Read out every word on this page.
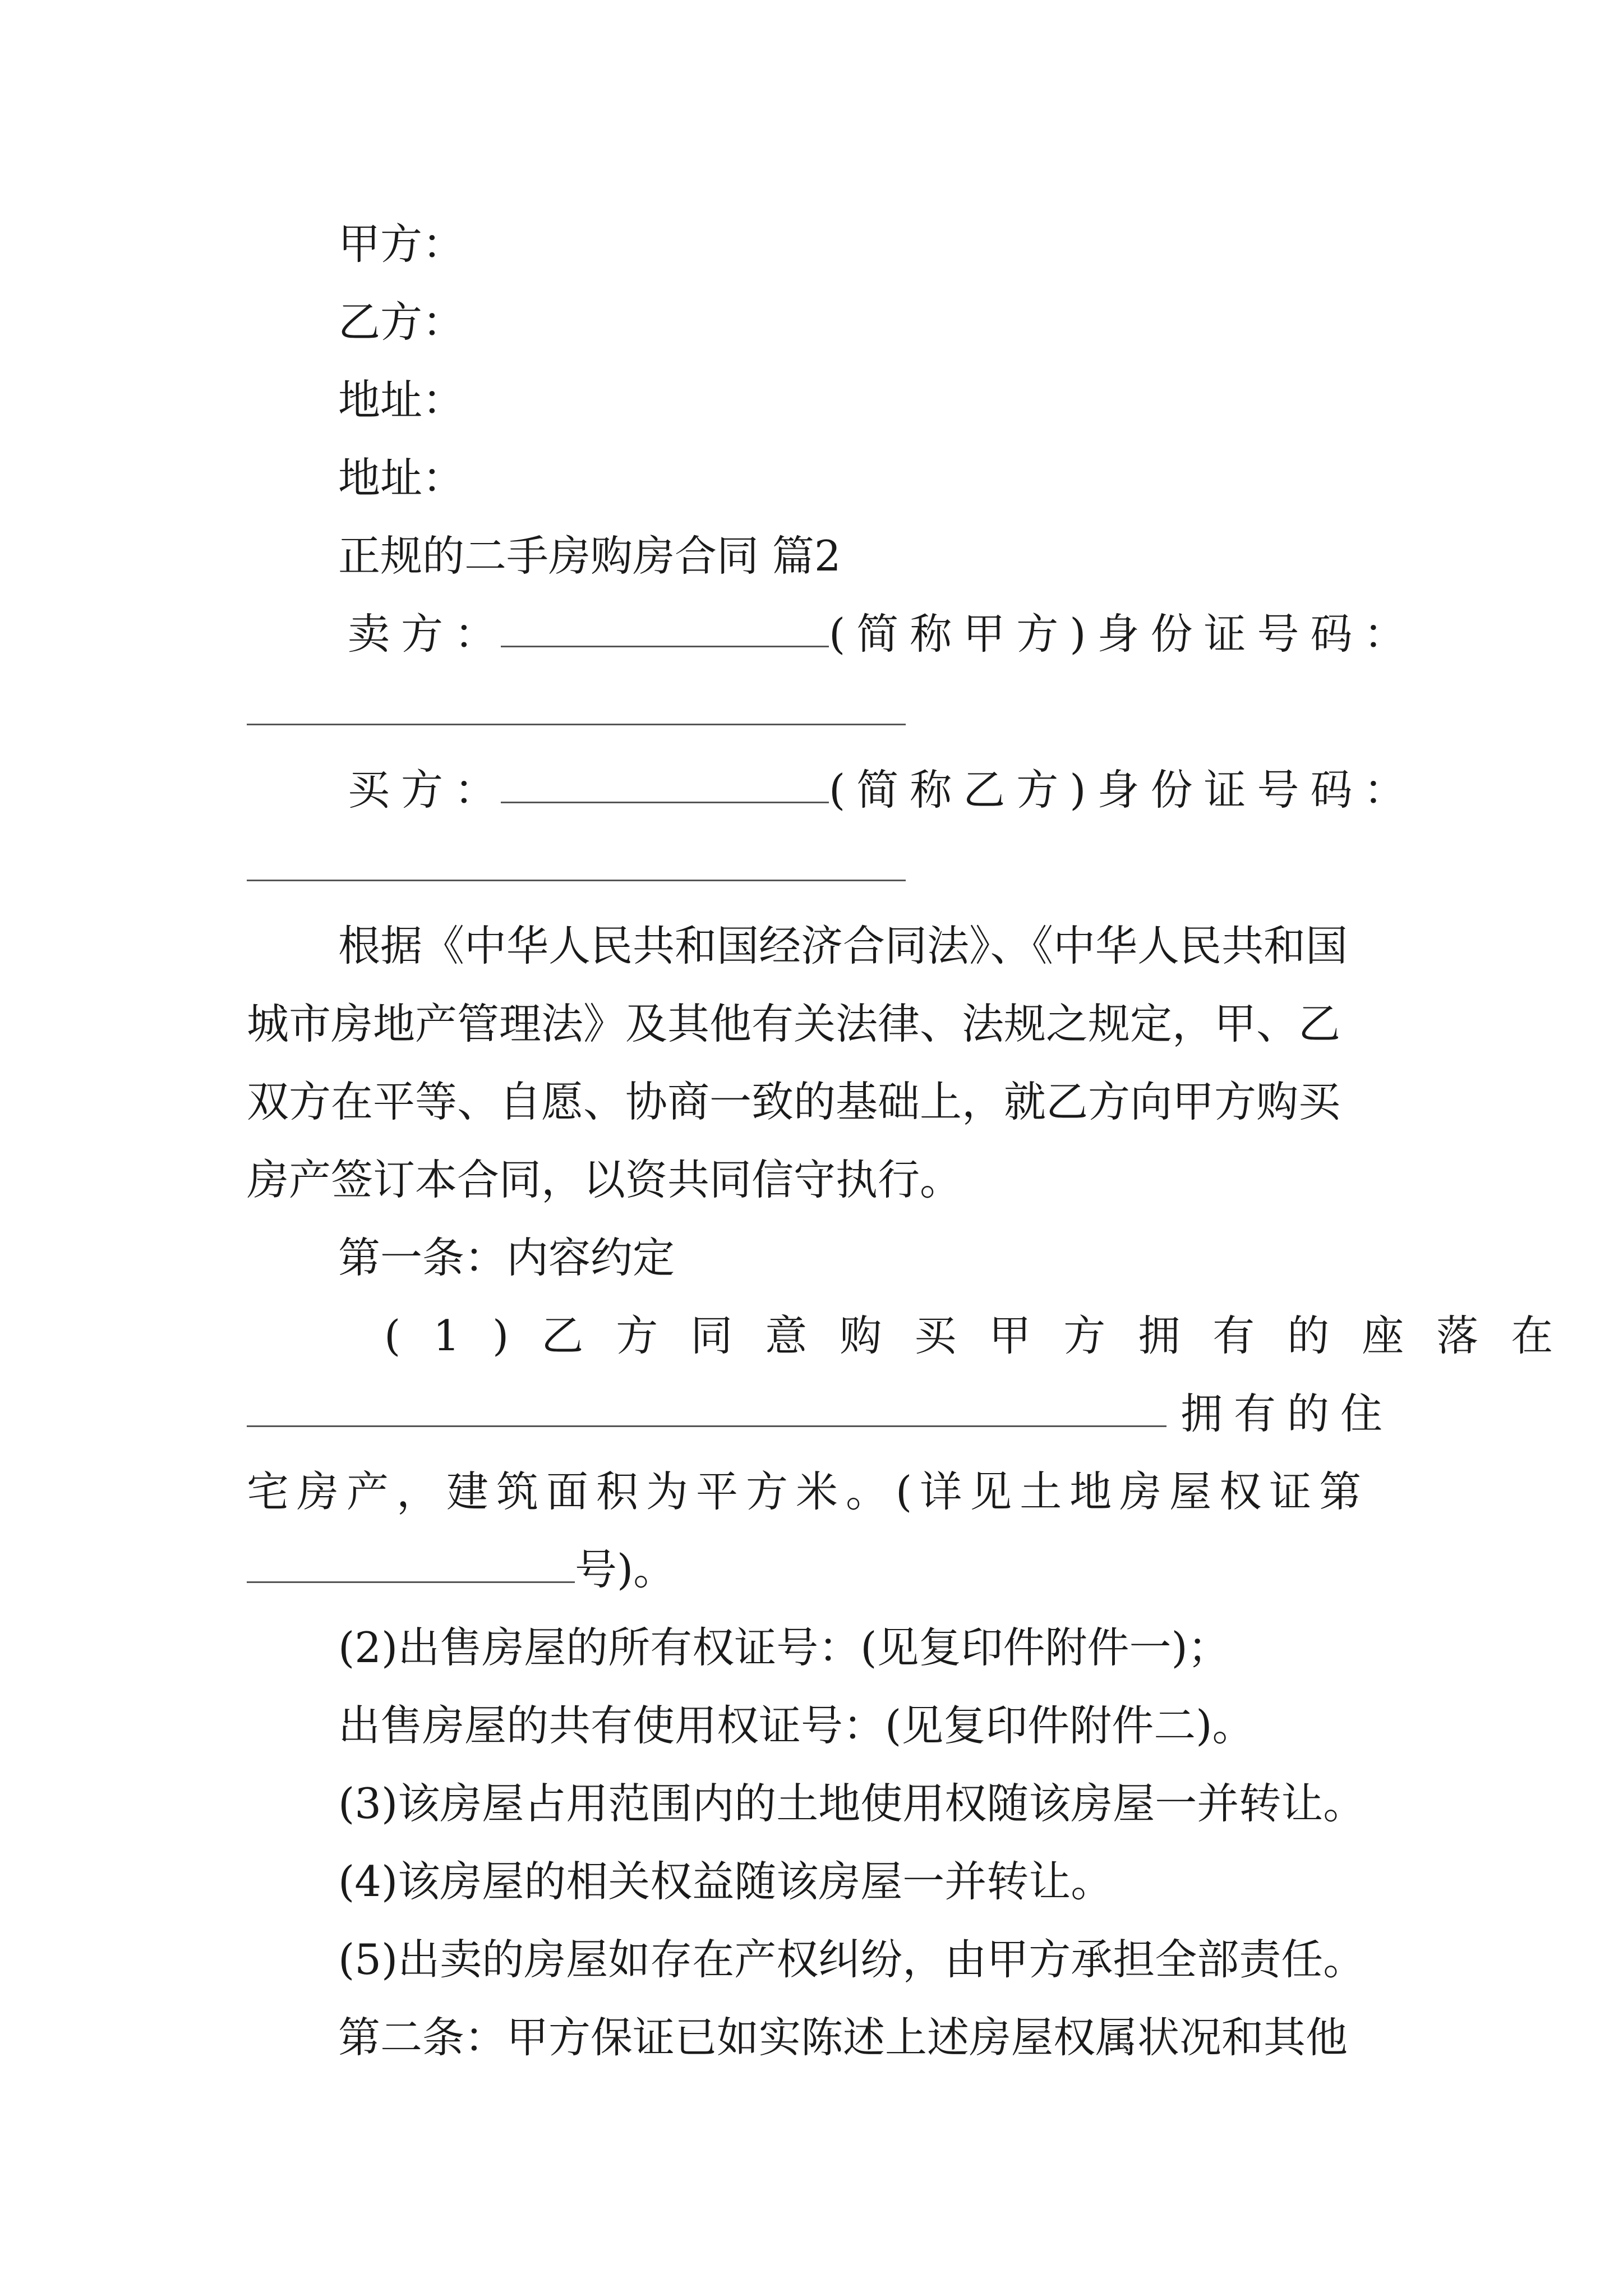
甲方：
乙方：
地址：
地址：
正规的二手房购房合同 篇2
卖方：	(简称甲方)身份证号码：
买方：	(简称乙方)身份证号码：
根据《中华人民共和国经济合同法》、《中华人民共和国
城市房地产管理法》及其他有关法律、法规之规定，甲、乙
双方在平等、自愿、协商一致的基础上，就乙方向甲方购买
房产签订本合同，以资共同信守执行。
第一条：内容约定
(1)乙方同意购买甲方拥有的座落在
拥有的住
宅房产，建筑面积为平方米。(详见土地房屋权证第
号)。
(2)出售房屋的所有权证号：(见复印件附件一)；
出售房屋的共有使用权证号：(见复印件附件二)。
(3)该房屋占用范围内的土地使用权随该房屋一并转让。
(4)该房屋的相关权益随该房屋一并转让。
(5)出卖的房屋如存在产权纠纷，由甲方承担全部责任。
第二条：甲方保证已如实陈述上述房屋权属状况和其他
